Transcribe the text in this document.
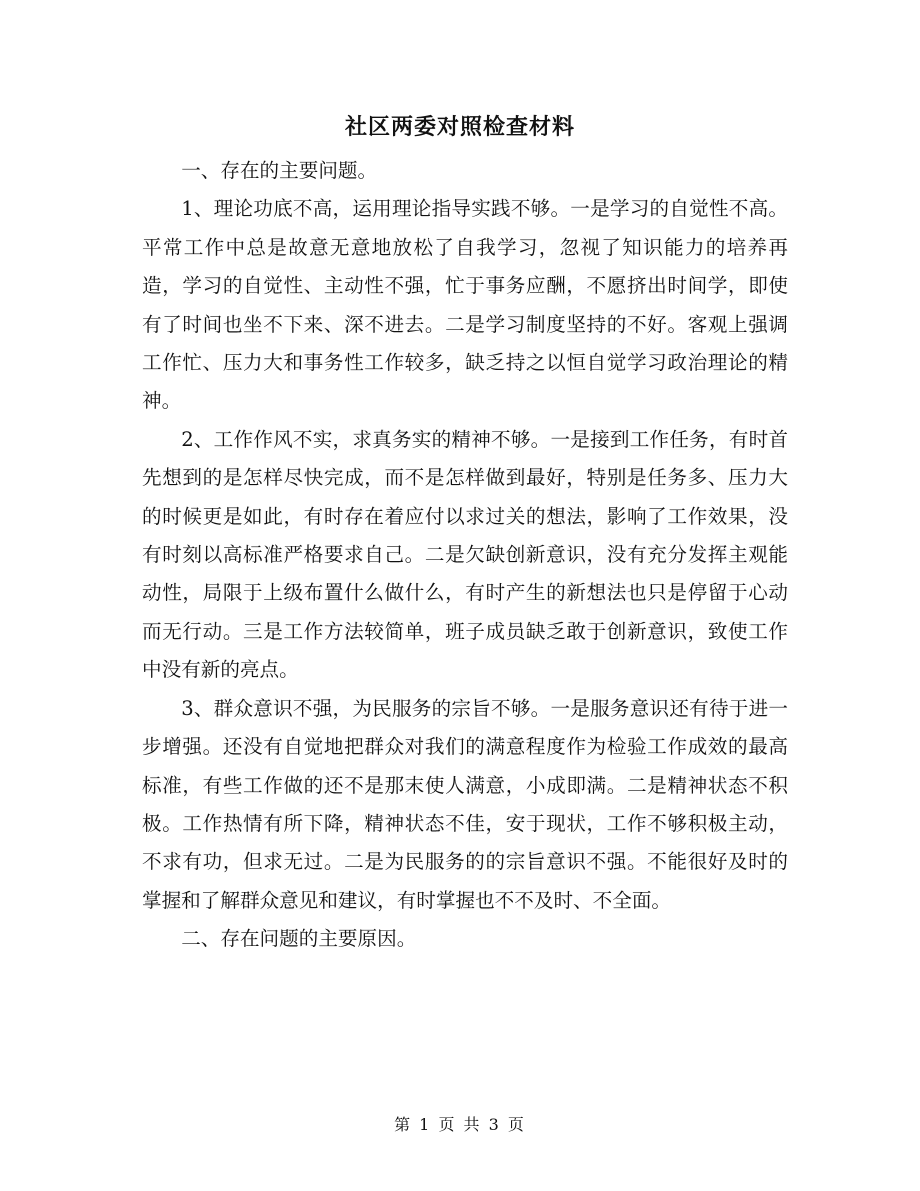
社区两委对照检查材料

一、存在的主要问题。

1、理论功底不高，运用理论指导实践不够。一是学习的自觉性不高。平常工作中总是故意无意地放松了自我学习，忽视了知识能力的培养再造，学习的自觉性、主动性不强，忙于事务应酬，不愿挤出时间学，即使有了时间也坐不下来、深不进去。二是学习制度坚持的不好。客观上强调工作忙、压力大和事务性工作较多，缺乏持之以恒自觉学习政治理论的精神。

2、工作作风不实，求真务实的精神不够。一是接到工作任务，有时首先想到的是怎样尽快完成，而不是怎样做到最好，特别是任务多、压力大的时候更是如此，有时存在着应付以求过关的想法，影响了工作效果，没有时刻以高标准严格要求自己。二是欠缺创新意识，没有充分发挥主观能动性，局限于上级布置什么做什么，有时产生的新想法也只是停留于心动而无行动。三是工作方法较简单，班子成员缺乏敢于创新意识，致使工作中没有新的亮点。

3、群众意识不强，为民服务的宗旨不够。一是服务意识还有待于进一步增强。还没有自觉地把群众对我们的满意程度作为检验工作成效的最高标准，有些工作做的还不是那末使人满意，小成即满。二是精神状态不积极。工作热情有所下降，精神状态不佳，安于现状，工作不够积极主动，不求有功，但求无过。二是为民服务的的宗旨意识不强。不能很好及时的掌握和了解群众意见和建议，有时掌握也不不及时、不全面。

二、存在问题的主要原因。

第 1 页 共 3 页
